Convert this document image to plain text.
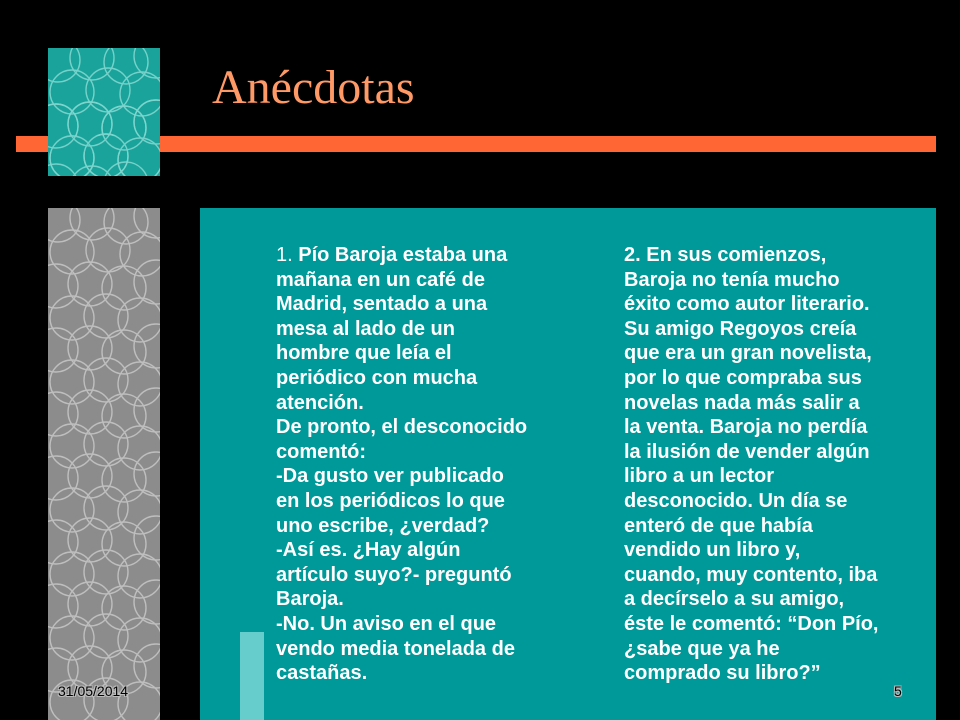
Anécdotas
1. Pío Baroja estaba una
mañana en un café de
Madrid, sentado a una
mesa al lado de un
hombre que leía el
periódico con mucha
atención.
De pronto, el desconocido
comentó:
-Da gusto ver publicado
en los periódicos lo que
uno escribe, ¿verdad?
-Así es. ¿Hay algún
artículo suyo?- preguntó
Baroja.
-No. Un aviso en el que
vendo media tonelada de
castañas.
2. En sus comienzos,
Baroja no tenía mucho
éxito como autor literario.
Su amigo Regoyos creía
que era un gran novelista,
por lo que compraba sus
novelas nada más salir a
la venta. Baroja no perdía
la ilusión de vender algún
libro a un lector
desconocido. Un día se
enteró de que había
vendido un libro y,
cuando, muy contento, iba
a decírselo a su amigo,
éste le comentó: “Don Pío,
¿sabe que ya he
comprado su libro?”
31/05/2014	5
